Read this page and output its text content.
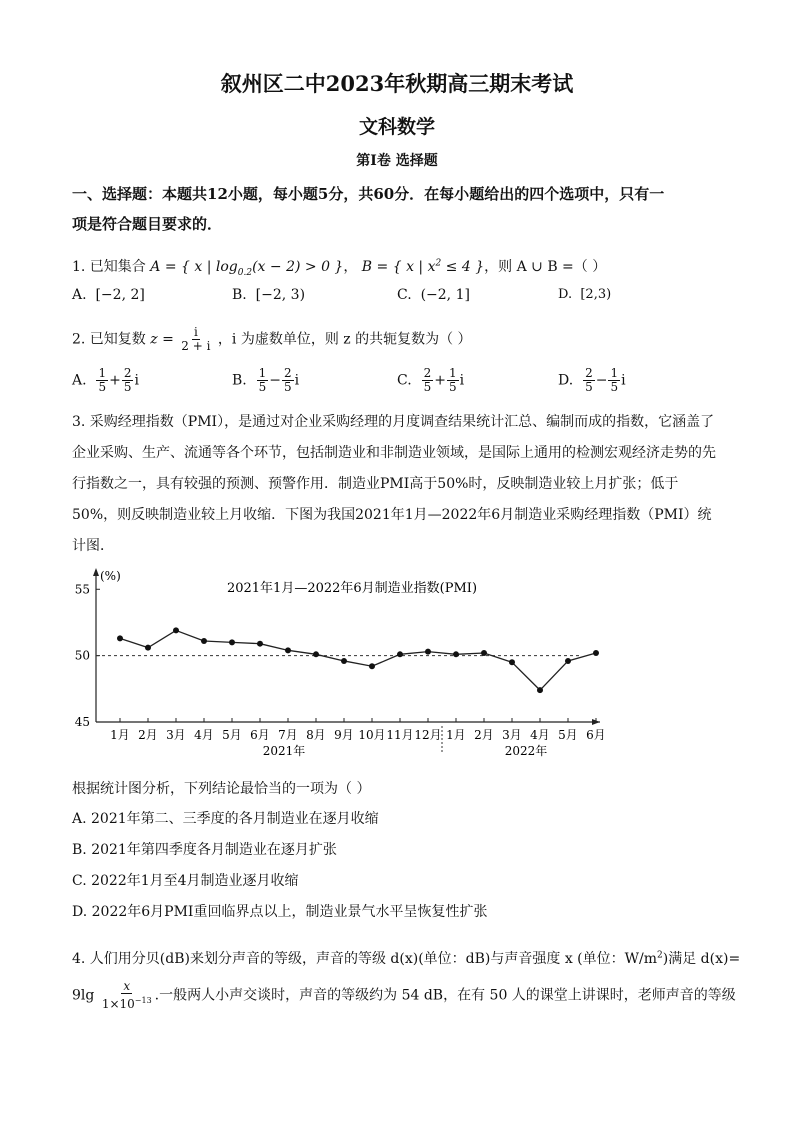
叙州区二中2023年秋期高三期末考试
文科数学
第Ⅰ卷 选择题
一、选择题：本题共12小题，每小题5分，共60分．在每小题给出的四个选项中，只有一
项是符合题目要求的．
1. 已知集合 A = { x | $\log_{0.2}(x - 2) > 0$ }， B = { x | $x^2 \le 4$ }，则 A ∪ B =（ ）
A. [−2, 2]	B. [−2, 3)	C. (−2, 1]	D. [2,3)
2. 已知复数 $z = \frac{i}{2 + i}$ ，i 为虚数单位，则 z 的共轭复数为（ ）
A. $\frac{1}{5} + \frac{2}{5}$ i	B. $\frac{1}{5} - \frac{2}{5}$ i	C. $\frac{2}{5} + \frac{1}{5}$ i	D. $\frac{2}{5} - \frac{1}{5}$ i
3. 采购经理指数（PMI），是通过对企业采购经理的月度调查结果统计汇总、编制而成的指数，它涵盖了
企业采购、生产、流通等各个环节，包括制造业和非制造业领域，是国际上通用的检测宏观经济走势的先
行指数之一，具有较强的预测、预警作用．制造业PMI高于50%时，反映制造业较上月扩张；低于
50%，则反映制造业较上月收缩．下图为我国2021年1月—2022年6月制造业采购经理指数（PMI）统
计图．
(%)
45
50
55	2021年1月—2022年6月制造业指数(PMI)
1月 2月 3月 4月 5月 6月 7月 8月 9月 10月 11月 12月 1月 2月 3月 4月 5月 6月
2021年	2022年
根据统计图分析，下列结论最恰当的一项为（ ）
A. 2021年第二、三季度的各月制造业在逐月收缩
B. 2021年第四季度各月制造业在逐月扩张
C. 2022年1月至4月制造业逐月收缩
D. 2022年6月PMI重回临界点以上，制造业景气水平呈恢复性扩张
4. 人们用分贝(dB)来划分声音的等级，声音的等级 d(x)(单位：dB)与声音强度 x (单位：$W/m^2$)满足 d(x)=
$9\lg \frac{x}{1\times 10^{-13}}$ .一般两人小声交谈时，声音的等级约为 54 dB，在有 50 人的课堂上讲课时，老师声音的等级
